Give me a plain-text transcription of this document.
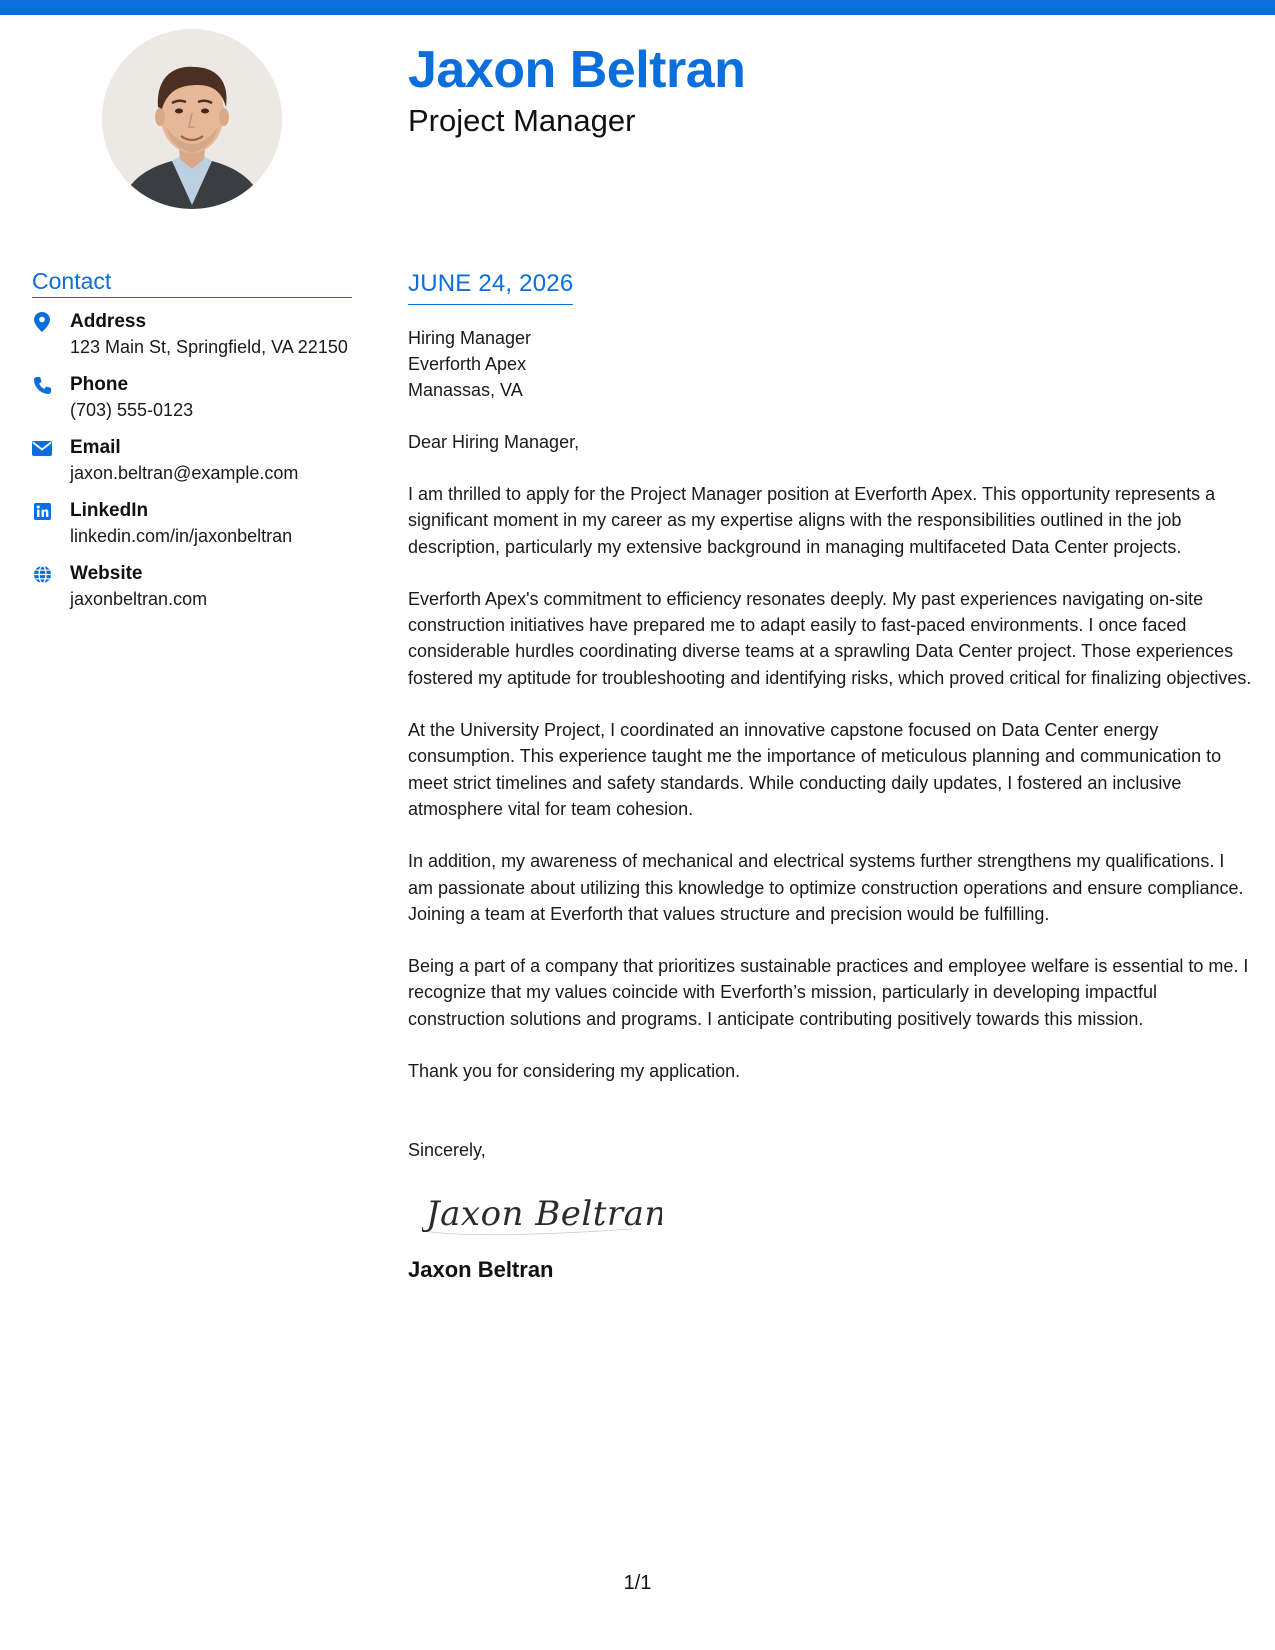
Jaxon Beltran
Project Manager
Contact
Address
123 Main St, Springfield, VA 22150
Phone
(703) 555-0123
Email
jaxon.beltran@example.com
LinkedIn
linkedin.com/in/jaxonbeltran
Website
jaxonbeltran.com
JUNE 24, 2026
Hiring Manager
Everforth Apex
Manassas, VA
Dear Hiring Manager,
I am thrilled to apply for the Project Manager position at Everforth Apex. This opportunity represents a significant moment in my career as my expertise aligns with the responsibilities outlined in the job description, particularly my extensive background in managing multifaceted Data Center projects.
Everforth Apex's commitment to efficiency resonates deeply. My past experiences navigating on-site construction initiatives have prepared me to adapt easily to fast-paced environments. I once faced considerable hurdles coordinating diverse teams at a sprawling Data Center project. Those experiences fostered my aptitude for troubleshooting and identifying risks, which proved critical for finalizing objectives.
At the University Project, I coordinated an innovative capstone focused on Data Center energy consumption. This experience taught me the importance of meticulous planning and communication to meet strict timelines and safety standards. While conducting daily updates, I fostered an inclusive atmosphere vital for team cohesion.
In addition, my awareness of mechanical and electrical systems further strengthens my qualifications. I am passionate about utilizing this knowledge to optimize construction operations and ensure compliance. Joining a team at Everforth that values structure and precision would be fulfilling.
Being a part of a company that prioritizes sustainable practices and employee welfare is essential to me. I recognize that my values coincide with Everforth’s mission, particularly in developing impactful construction solutions and programs. I anticipate contributing positively towards this mission.
Thank you for considering my application.
Sincerely,
Jaxon Beltran
Jaxon Beltran
1/1
